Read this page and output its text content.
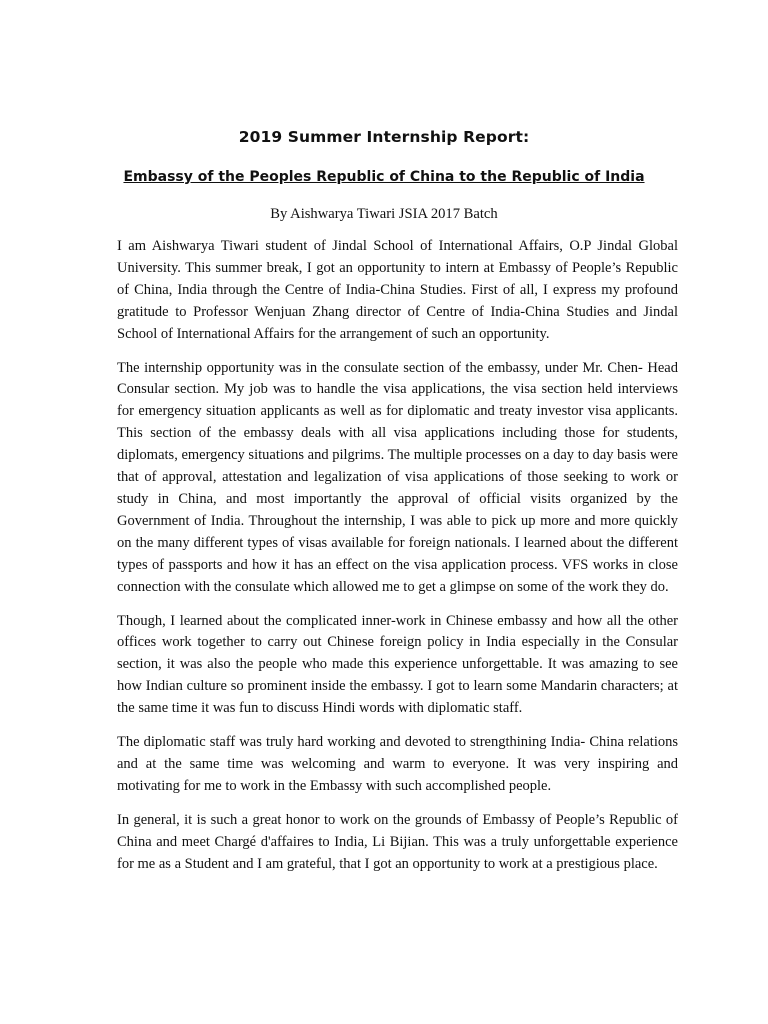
2019 Summer Internship Report:
Embassy of the Peoples Republic of China to the Republic of India
By Aishwarya Tiwari JSIA 2017 Batch

I am Aishwarya Tiwari student of Jindal School of International Affairs, O.P Jindal Global University. This summer break, I got an opportunity to intern at Embassy of People’s Republic of China, India through the Centre of India-China Studies. First of all, I express my profound gratitude to Professor Wenjuan Zhang director of Centre of India-China Studies and Jindal School of International Affairs for the arrangement of such an opportunity.

The internship opportunity was in the consulate section of the embassy, under Mr. Chen- Head Consular section. My job was to handle the visa applications, the visa section held interviews for emergency situation applicants as well as for diplomatic and treaty investor visa applicants. This section of the embassy deals with all visa applications including those for students, diplomats, emergency situations and pilgrims. The multiple processes on a day to day basis were that of approval, attestation and legalization of visa applications of those seeking to work or study in China, and most importantly the approval of official visits organized by the Government of India. Throughout the internship, I was able to pick up more and more quickly on the many different types of visas available for foreign nationals. I learned about the different types of passports and how it has an effect on the visa application process. VFS works in close connection with the consulate which allowed me to get a glimpse on some of the work they do.

Though, I learned about the complicated inner-work in Chinese embassy and how all the other offices work together to carry out Chinese foreign policy in India especially in the Consular section, it was also the people who made this experience unforgettable. It was amazing to see how Indian culture so prominent inside the embassy. I got to learn some Mandarin characters; at the same time it was fun to discuss Hindi words with diplomatic staff.

The diplomatic staff was truly hard working and devoted to strengthining India- China relations and at the same time was welcoming and warm to everyone. It was very inspiring and motivating for me to work in the Embassy with such accomplished people.

In general, it is such a great honor to work on the grounds of Embassy of People’s Republic of China and meet Chargé d'affaires to India, Li Bijian. This was a truly unforgettable experience for me as a Student and I am grateful, that I got an opportunity to work at a prestigious place.
